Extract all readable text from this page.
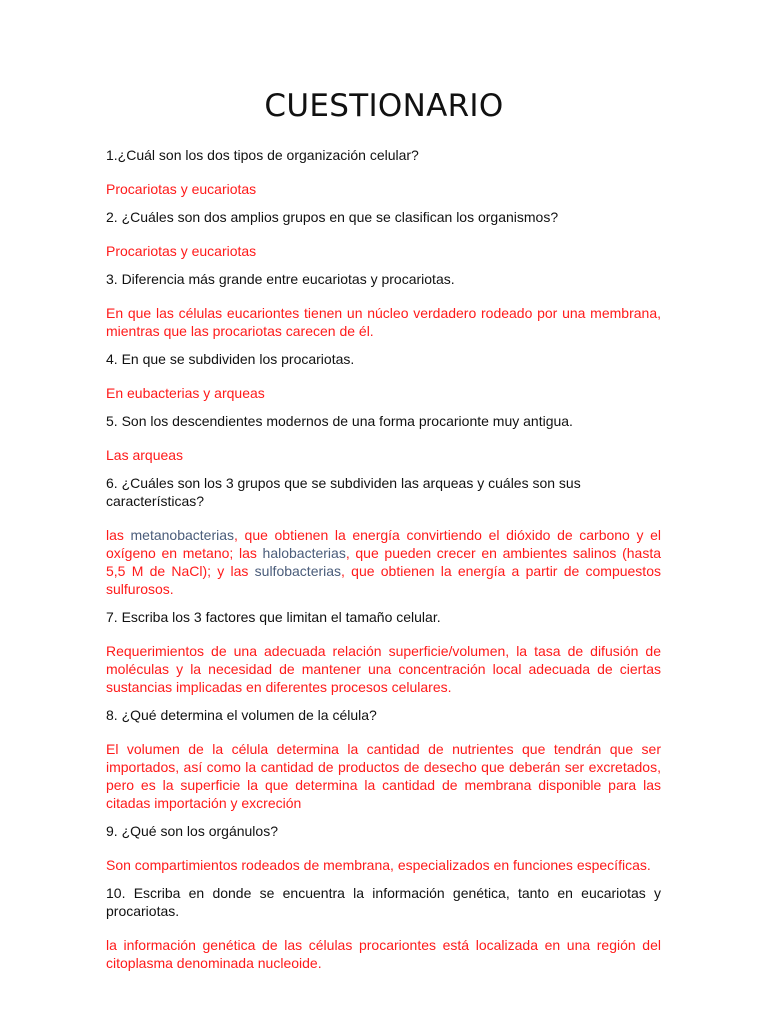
CUESTIONARIO

1.¿Cuál son los dos tipos de organización celular?

Procariotas y eucariotas

2. ¿Cuáles son dos amplios grupos en que se clasifican los organismos?

Procariotas y eucariotas

3. Diferencia más grande entre eucariotas y procariotas.

En que las células eucariontes tienen un núcleo verdadero rodeado por una membrana, mientras que las procariotas carecen de él.

4. En que se subdividen los procariotas.

En eubacterias y arqueas

5. Son los descendientes modernos de una forma procarionte muy antigua.

Las arqueas

6. ¿Cuáles son los 3 grupos que se subdividen las arqueas y cuáles son sus características?

las metanobacterias, que obtienen la energía convirtiendo el dióxido de carbono y el oxígeno en metano; las halobacterias, que pueden crecer en ambientes salinos (hasta 5,5 M de NaCl); y las sulfobacterias, que obtienen la energía a partir de compuestos sulfurosos.

7. Escriba los 3 factores que limitan el tamaño celular.

Requerimientos de una adecuada relación superficie/volumen, la tasa de difusión de moléculas y la necesidad de mantener una concentración local adecuada de ciertas sustancias implicadas en diferentes procesos celulares.

8. ¿Qué determina el volumen de la célula?

El volumen de la célula determina la cantidad de nutrientes que tendrán que ser importados, así como la cantidad de productos de desecho que deberán ser excretados, pero es la superficie la que determina la cantidad de membrana disponible para las citadas importación y excreción

9. ¿Qué son los orgánulos?

Son compartimientos rodeados de membrana, especializados en funciones específicas.

10. Escriba en donde se encuentra la información genética, tanto en eucariotas y procariotas.

la información genética de las células procariontes está localizada en una región del citoplasma denominada nucleoide.
